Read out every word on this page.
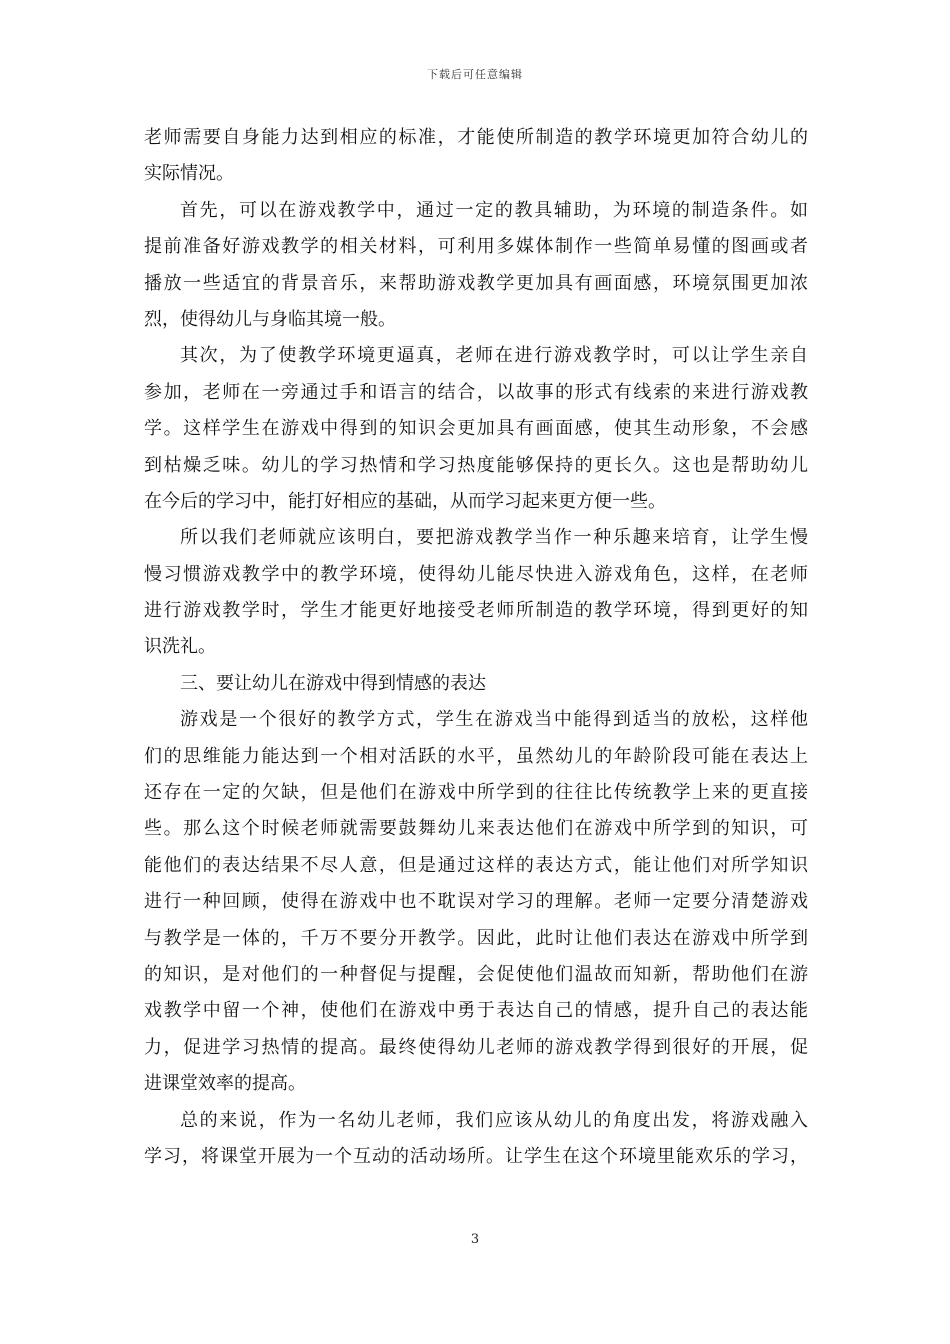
下载后可任意编辑
老师需要自身能力达到相应的标准，才能使所制造的教学环境更加符合幼儿的
实际情况。
首先，可以在游戏教学中，通过一定的教具辅助，为环境的制造条件。如
提前准备好游戏教学的相关材料，可利用多媒体制作一些简单易懂的图画或者
播放一些适宜的背景音乐，来帮助游戏教学更加具有画面感，环境氛围更加浓
烈，使得幼儿与身临其境一般。
其次，为了使教学环境更逼真，老师在进行游戏教学时，可以让学生亲自
参加，老师在一旁通过手和语言的结合，以故事的形式有线索的来进行游戏教
学。这样学生在游戏中得到的知识会更加具有画面感，使其生动形象，不会感
到枯燥乏味。幼儿的学习热情和学习热度能够保持的更长久。这也是帮助幼儿
在今后的学习中，能打好相应的基础，从而学习起来更方便一些。
所以我们老师就应该明白，要把游戏教学当作一种乐趣来培育，让学生慢
慢习惯游戏教学中的教学环境，使得幼儿能尽快进入游戏角色，这样，在老师
进行游戏教学时，学生才能更好地接受老师所制造的教学环境，得到更好的知
识洗礼。
三、要让幼儿在游戏中得到情感的表达
游戏是一个很好的教学方式，学生在游戏当中能得到适当的放松，这样他
们的思维能力能达到一个相对活跃的水平，虽然幼儿的年龄阶段可能在表达上
还存在一定的欠缺，但是他们在游戏中所学到的往往比传统教学上来的更直接
些。那么这个时候老师就需要鼓舞幼儿来表达他们在游戏中所学到的知识，可
能他们的表达结果不尽人意，但是通过这样的表达方式，能让他们对所学知识
进行一种回顾，使得在游戏中也不耽误对学习的理解。老师一定要分清楚游戏
与教学是一体的，千万不要分开教学。因此，此时让他们表达在游戏中所学到
的知识，是对他们的一种督促与提醒，会促使他们温故而知新，帮助他们在游
戏教学中留一个神，使他们在游戏中勇于表达自己的情感，提升自己的表达能
力，促进学习热情的提高。最终使得幼儿老师的游戏教学得到很好的开展，促
进课堂效率的提高。
总的来说，作为一名幼儿老师，我们应该从幼儿的角度出发，将游戏融入
学习，将课堂开展为一个互动的活动场所。让学生在这个环境里能欢乐的学习，
3
